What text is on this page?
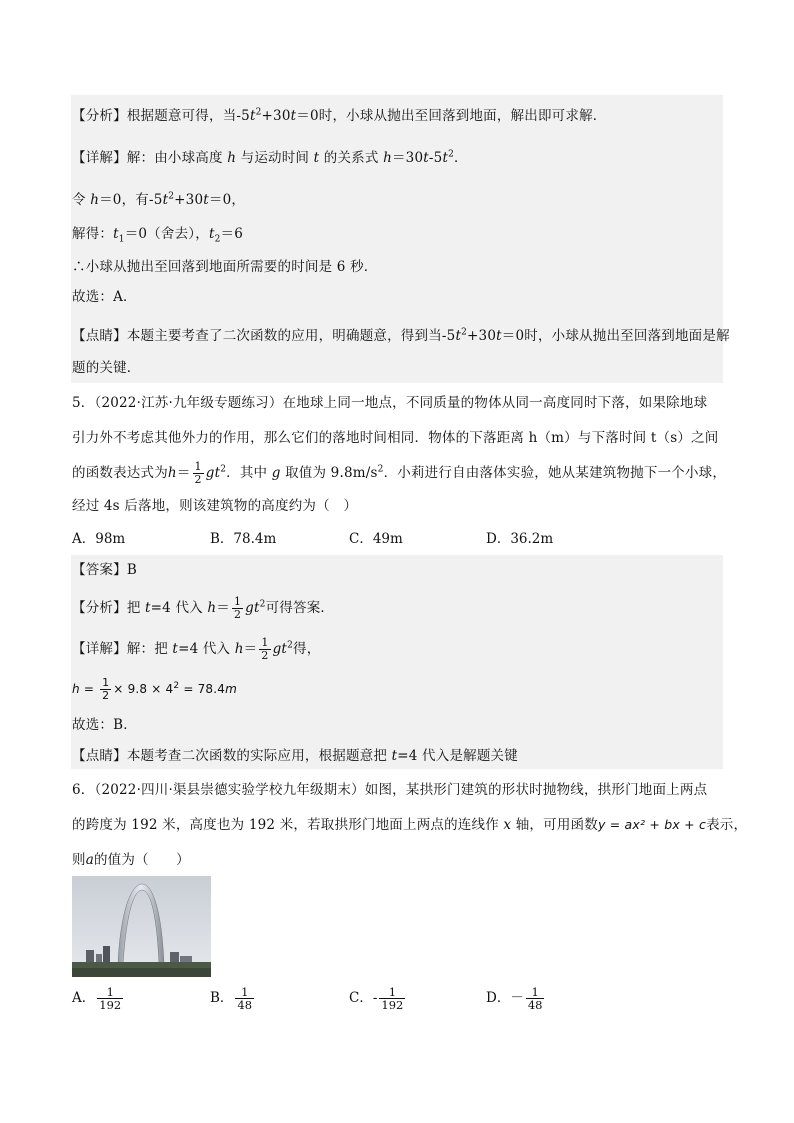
【分析】根据题意可得，当$-5t^2+30t=0$时，小球从抛出至回落到地面，解出即可求解．
【详解】解：由小球高度 h 与运动时间 t 的关系式 $h=30t-5t^2$．
令 h＝0，有$-5t^2+30t=0$，
解得：$t_1=0$（舍去），$t_2=6$
∴小球从抛出至回落到地面所需要的时间是 6 秒．
故选：A．
【点睛】本题主要考查了二次函数的应用，明确题意，得到当$-5t^2+30t=0$时，小球从抛出至回落到地面是解
题的关键．
5．（2022·江苏·九年级专题练习）在地球上同一地点，不同质量的物体从同一高度同时下落，如果除地球
引力外不考虑其他外力的作用，那么它们的落地时间相同．物体的下落距离 h（m）与下落时间 t（s）之间
的函数表达式为$h= \frac{1}{2} gt^2$．其中 g 取值为 $9.8m/s^2$．小莉进行自由落体实验，她从某建筑物抛下一个小球，
经过 4s 后落地，则该建筑物的高度约为（　）
A．98m	B．78.4m	C．49m	D．36.2m
【答案】B
【分析】把 t=4 代入 $h= \frac{1}{2} gt^2$可得答案．
【详解】解：把 t=4 代入 $h= \frac{1}{2} gt^2$得，
$h = \frac{1}{2} \times 9.8 \times 4^2 = 78.4m$
故选：B．
【点睛】本题考查二次函数的实际应用，根据题意把 t=4 代入是解题关键
6．（2022·四川·渠县崇德实验学校九年级期末）如图，某拱形门建筑的形状时抛物线，拱形门地面上两点
的跨度为 192 米，高度也为 192 米，若取拱形门地面上两点的连线作 x 轴，可用函数y = ax² + bx + c表示，
则a的值为（　　）
A． $\frac{1}{192}$	B． $\frac{1}{48}$	C．- $\frac{1}{192}$	D．－ $\frac{1}{48}$
